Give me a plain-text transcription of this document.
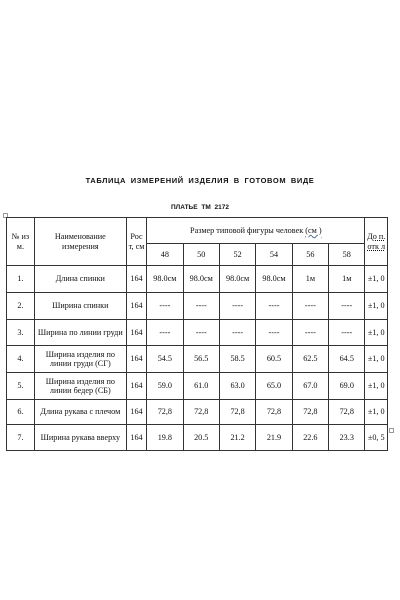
ТАБЛИЦА ИЗМЕРЕНИЙ ИЗДЕЛИЯ В ГОТОВОМ ВИДЕ
ПЛАТЬЕ ТМ 2172
№ из м.	Наименование измерения	Рос т, см	Размер типовой фигуры человек (см )						До п. отк л
			48	50	52	54	56	58	
1.	Длина спинки	164	98.0см	98.0см	98.0см	98.0см	1м	1м	±1, 0
2.	Ширина спинки	164	----	----	----	----	----	----	±1, 0
3.	Ширина по линии груди	164	----	----	----	----	----	----	±1, 0
4.	Ширина изделия по линии груди (СГ)	164	54.5	56.5	58.5	60.5	62.5	64.5	±1, 0
5.	Ширина изделия по линии бедер (СБ)	164	59.0	61.0	63.0	65.0	67.0	69.0	±1, 0
6.	Длина рукава с плечом	164	72,8	72,8	72,8	72,8	72,8	72,8	±1, 0
7.	Ширина рукава вверху	164	19.8	20.5	21.2	21.9	22.6	23.3	±0, 5
